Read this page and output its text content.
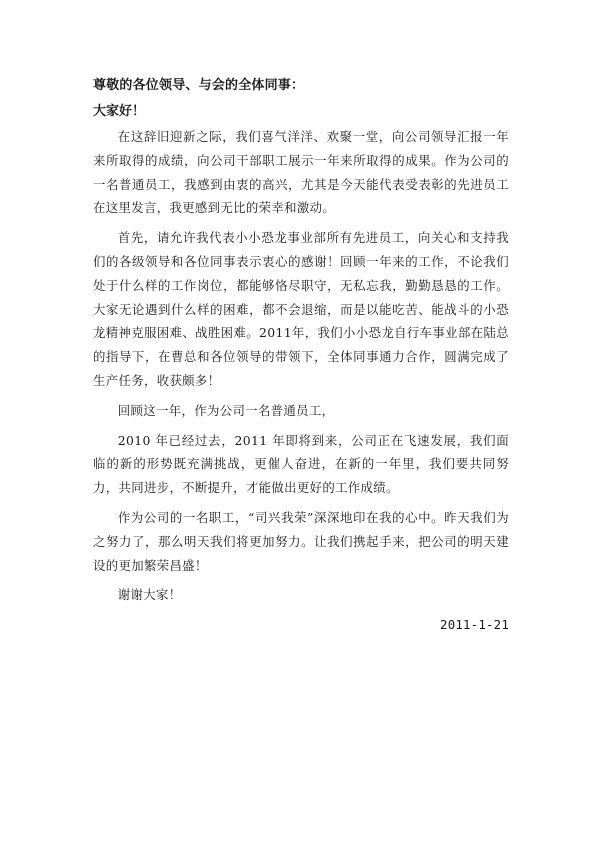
尊敬的各位领导、与会的全体同事：

大家好！

在这辞旧迎新之际，我们喜气洋洋、欢聚一堂，向公司领导汇报一年来所取得的成绩，向公司干部职工展示一年来所取得的成果。作为公司的一名普通员工，我感到由衷的高兴，尤其是今天能代表受表彰的先进员工在这里发言，我更感到无比的荣幸和激动。

首先，请允许我代表小小恐龙事业部所有先进员工，向关心和支持我们的各级领导和各位同事表示衷心的感谢！回顾一年来的工作，不论我们处于什么样的工作岗位，都能够恪尽职守，无私忘我，勤勤恳恳的工作。大家无论遇到什么样的困难，都不会退缩，而是以能吃苦、能战斗的小恐龙精神克服困难、战胜困难。2011年，我们小小恐龙自行车事业部在陆总的指导下，在曹总和各位领导的带领下，全体同事通力合作，圆满完成了生产任务，收获颇多！

回顾这一年，作为公司一名普通员工，

2010 年已经过去，2011 年即将到来，公司正在飞速发展，我们面临的新的形势既充满挑战，更催人奋进，在新的一年里，我们要共同努力，共同进步，不断提升，才能做出更好的工作成绩。

作为公司的一名职工，“司兴我荣”深深地印在我的心中。昨天我们为之努力了，那么明天我们将更加努力。让我们携起手来，把公司的明天建设的更加繁荣昌盛！

谢谢大家！

2011-1-21
